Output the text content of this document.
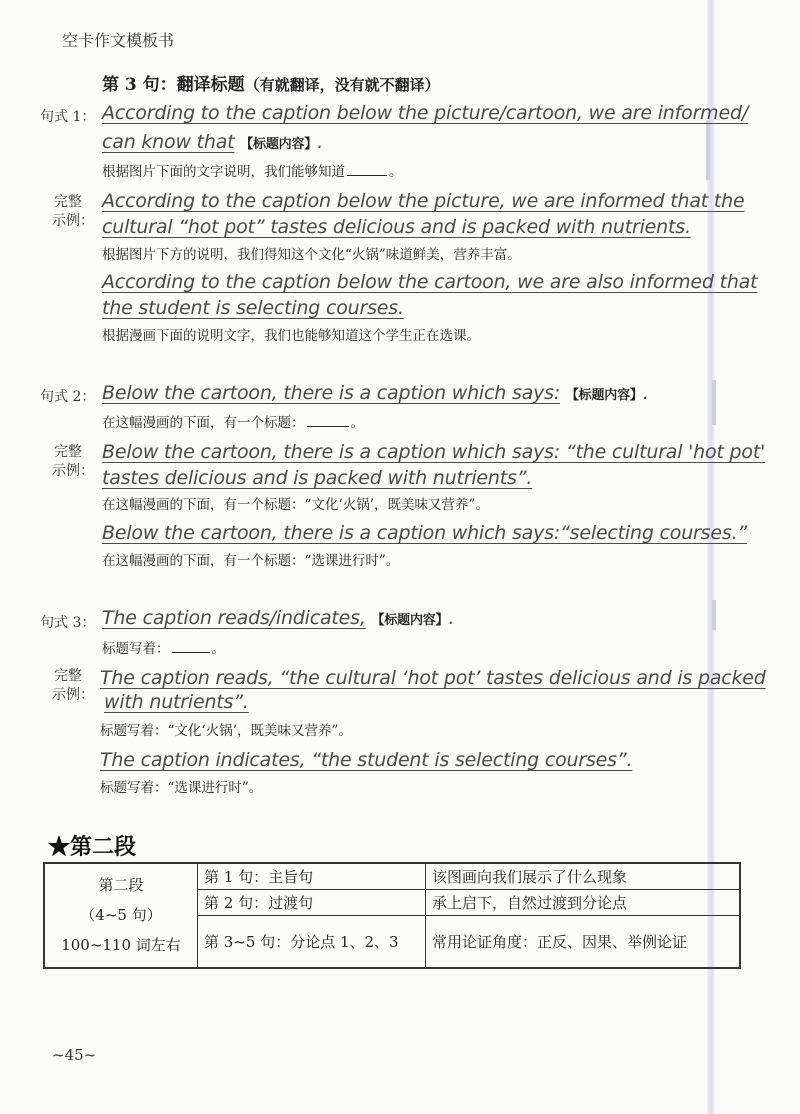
空卡作文模板书
第 3 句：翻译标题（有就翻译，没有就不翻译）
句式 1： According to the caption below the picture/cartoon, we are informed/
can know that 【标题内容】.
根据图片下面的文字说明，我们能够知道	。
完整
示例：
According to the caption below the picture, we are informed that the
cultural “hot pot” tastes delicious and is packed with nutrients.
根据图片下方的说明，我们得知这个文化“火锅”味道鲜美，营养丰富。
According to the caption below the cartoon, we are also informed that
the student is selecting courses.
根据漫画下面的说明文字，我们也能够知道这个学生正在选课。
句式 2： Below the cartoon, there is a caption which says: 【标题内容】.
在这幅漫画的下面，有一个标题：	。
完整
示例：
Below the cartoon, there is a caption which says: “the cultural 'hot pot'
tastes delicious and is packed with nutrients”.
在这幅漫画的下面，有一个标题：“文化‘火锅’，既美味又营养”。
Below the cartoon, there is a caption which says:“selecting courses.”
在这幅漫画的下面，有一个标题：“选课进行时”。
句式 3： The caption reads/indicates, 【标题内容】.
标题写着：	。
完整
示例：
The caption reads, “the cultural ‘hot pot’ tastes delicious and is packed
with nutrients”.
标题写着：“文化‘火锅’，既美味又营养”。
The caption indicates, “the student is selecting courses”.
标题写着：“选课进行时”。
★第二段
第二段
（4~5 句）
100~110 词左右	第 1 句：主旨句	该图画向我们展示了什么现象
	第 2 句：过渡句	承上启下，自然过渡到分论点
	第 3~5 句：分论点 1、2、3	常用论证角度：正反、因果、举例论证
~45~
